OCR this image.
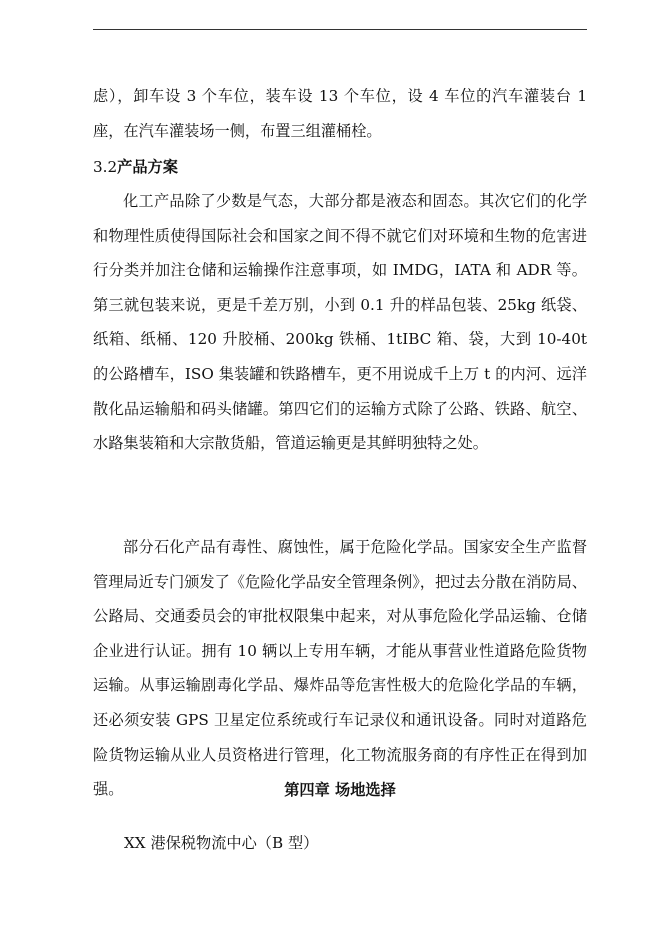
虑），卸车设 3 个车位，装车设 13 个车位，设 4 车位的汽车灌装台 1 座，在汽车灌装场一侧，布置三组灌桶栓。

3.2产品方案

化工产品除了少数是气态，大部分都是液态和固态。其次它们的化学和物理性质使得国际社会和国家之间不得不就它们对环境和生物的危害进行分类并加注仓储和运输操作注意事项，如 IMDG，IATA 和 ADR 等。第三就包装来说，更是千差万别，小到 0.1 升的样品包装、25kg 纸袋、纸箱、纸桶、120 升胶桶、200kg 铁桶、1tIBC 箱、袋，大到 10-40t 的公路槽车，ISO 集装罐和铁路槽车，更不用说成千上万 t 的内河、远洋散化品运输船和码头储罐。第四它们的运输方式除了公路、铁路、航空、水路集装箱和大宗散货船，管道运输更是其鲜明独特之处。

部分石化产品有毒性、腐蚀性，属于危险化学品。国家安全生产监督管理局近专门颁发了《危险化学品安全管理条例》，把过去分散在消防局、公路局、交通委员会的审批权限集中起来，对从事危险化学品运输、仓储企业进行认证。拥有 10 辆以上专用车辆，才能从事营业性道路危险货物运输。从事运输剧毒化学品、爆炸品等危害性极大的危险化学品的车辆，还必须安装 GPS 卫星定位系统或行车记录仪和通讯设备。同时对道路危险货物运输从业人员资格进行管理，化工物流服务商的有序性正在得到加强。	第四章 场地选择

XX 港保税物流中心（B 型）
